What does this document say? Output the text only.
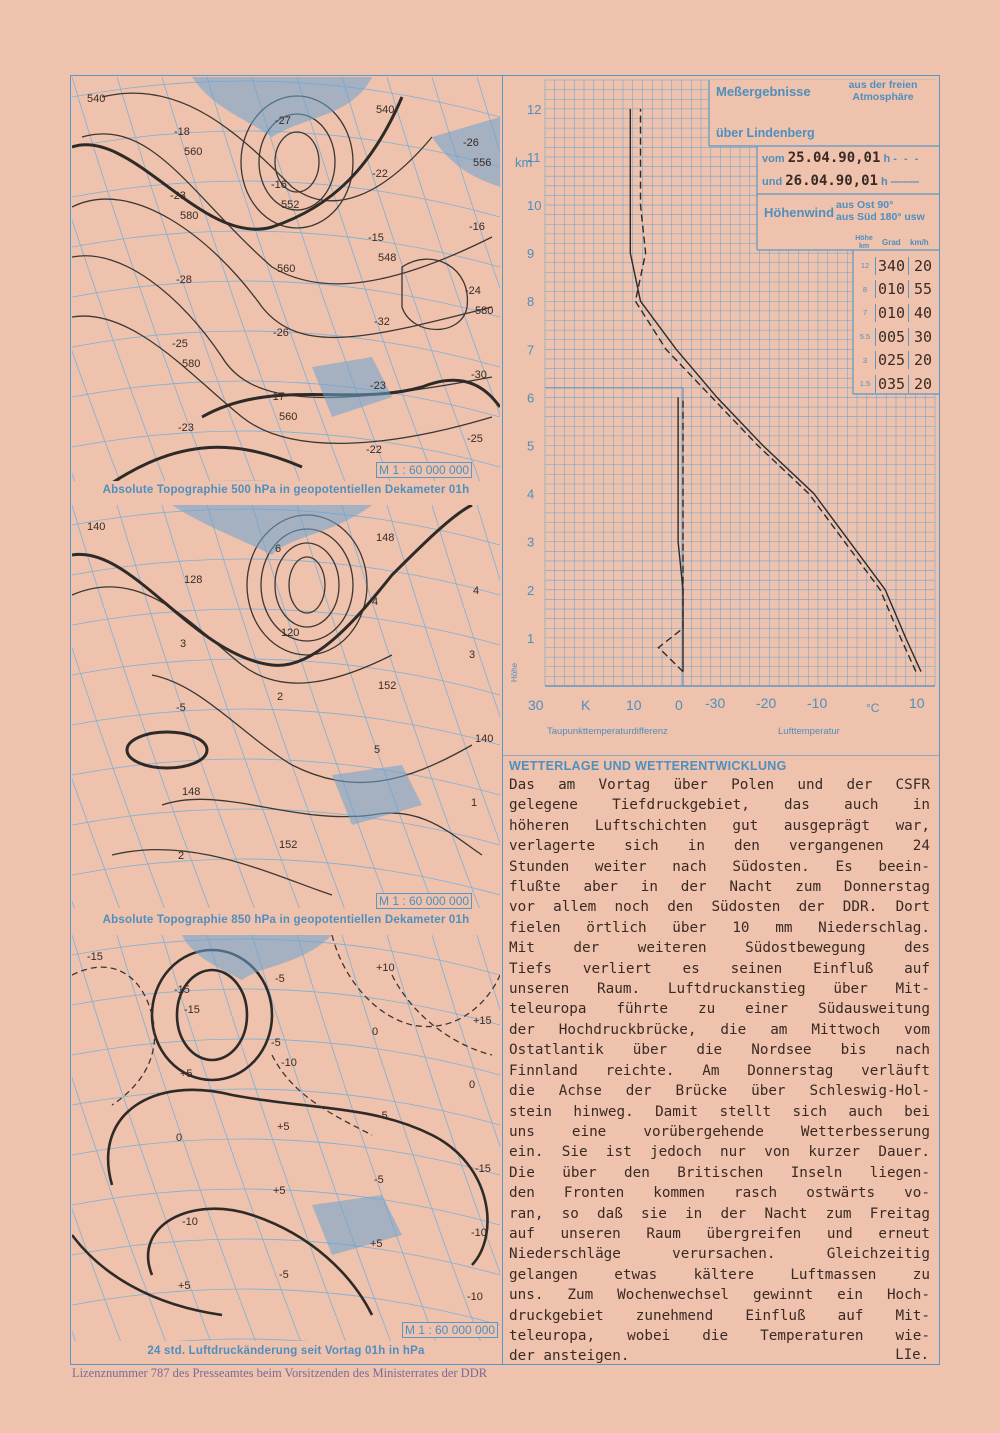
540
560
552
548
580
580
560
540
556
580
560
-32
-30
-23
-27
-22
-16
-28
-26
-23
-25
-18
-16
-15
-24
-25
-17
-22
-26
-23
Absolute Topographie 500 hPa in geopotentiellen Dekameter 01h
M 1 : 60 000 000
140
128
120
152
140
148
152
148
4
3
2
5
1
2
6
4
3
-5
Absolute Topographie 850 hPa in geopotentiellen Dekameter 01h
M 1 : 60 000 000
-15
-15
-10
-5
-15
-10
-5
+10
+15
+5
+5
-5
-10
+5
-5
0
0
0
+5
+5
-10
-15
-5
24 std. Luftdruckänderung seit Vortag 01h in hPa
M 1 : 60 000 000
1
2
3
4
5
6
7
8
9
10
11
12
km
Höhe
30	10 0
K	-30 -20 -10	10
°C
Meßergebnisse	aus der freien
Atmosphäre
über Lindenberg
vom 25.04.90,01 h - - -
und 26.04.90,01 h —–—
Höhenwind aus Ost 90°
aus Süd 180° usw
Höhe km	Grad km/h
12 340 20
8 010 55
7 010 40
5.5 005 30
3 025 20
1.5 035 20
Taupunkttemperaturdifferenz	Lufttemperatur
WETTERLAGE UND WETTERENTWICKLUNG
Das am Vortag über Polen und der CSFR
gelegene Tiefdruckgebiet, das auch in
höheren Luftschichten gut ausgeprägt war,
verlagerte sich in den vergangenen 24
Stunden weiter nach Südosten. Es beein-
flußte aber in der Nacht zum Donnerstag
vor allem noch den Südosten der DDR. Dort
fielen örtlich über 10 mm Niederschlag.
Mit der weiteren Südostbewegung des
Tiefs verliert es seinen Einfluß auf
unseren Raum. Luftdruckanstieg über Mit-
teleuropa führte zu einer Südausweitung
der Hochdruckbrücke, die am Mittwoch vom
Ostatlantik über die Nordsee bis nach
Finnland reichte. Am Donnerstag verläuft
die Achse der Brücke über Schleswig-Hol-
stein hinweg. Damit stellt sich auch bei
uns eine vorübergehende Wetterbesserung
ein. Sie ist jedoch nur von kurzer Dauer.
Die über den Britischen Inseln liegen-
den Fronten kommen rasch ostwärts vo-
ran, so daß sie in der Nacht zum Freitag
auf unseren Raum übergreifen und erneut
Niederschläge verursachen. Gleichzeitig
gelangen etwas kältere Luftmassen zu
uns. Zum Wochenwechsel gewinnt ein Hoch-
druckgebiet zunehmend Einfluß auf Mit-
teleuropa, wobei die Temperaturen wie-
der ansteigen.	LIe.
Lizenznummer 787 des Presseamtes beim Vorsitzenden des Ministerrates der DDR
